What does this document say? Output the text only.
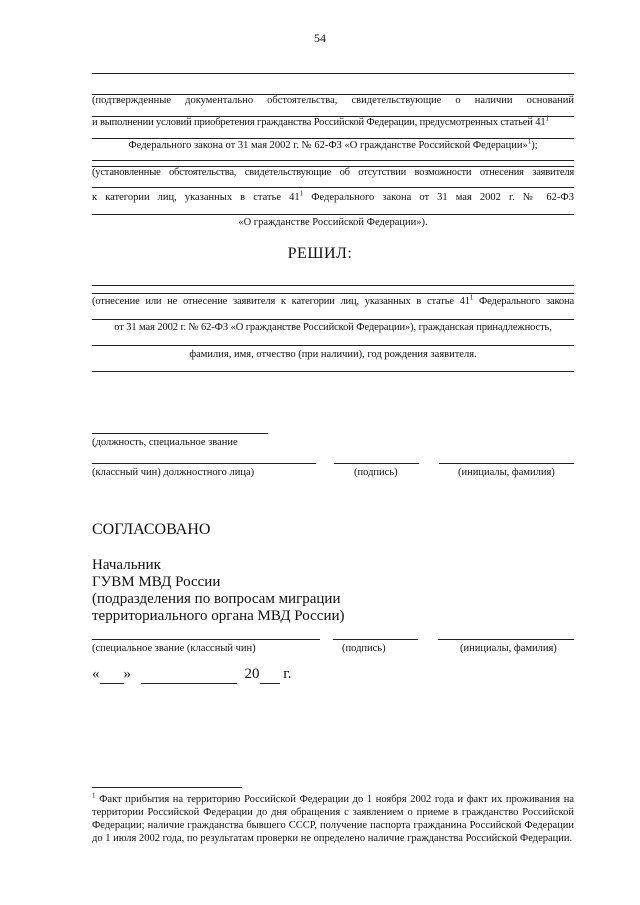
54
(подтвержденные документально обстоятельства, свидетельствующие о наличии оснований
и выполнении условий приобретения гражданства Российской Федерации, предусмотренных статьей $41^1$
Федерального закона от 31 мая 2002 г. № 62-ФЗ «О гражданстве Российской Федерации»$^1$);
(установленные обстоятельства, свидетельствующие об отсутствии возможности отнесения заявителя
к категории лиц, указанных в статье $41^1$ Федерального закона от 31 мая 2002 г. № 62-ФЗ
«О гражданстве Российской Федерации»).
РЕШИЛ:
(отнесение или не отнесение заявителя к категории лиц, указанных в статье $41^1$ Федерального закона
от 31 мая 2002 г. № 62-ФЗ «О гражданстве Российской Федерации»), гражданская принадлежность,
фамилия, имя, отчество (при наличии), год рождения заявителя.
(должность, специальное звание
(классный чин) должностного лица)	(подпись)	(инициалы, фамилия)
СОГЛАСОВАНО
Начальник
ГУВМ МВД России
(подразделения по вопросам миграции
территориального органа МВД России)
(специальное звание (классный чин)	(подпись)	(инициалы, фамилия)
« »	20 г.
$^1$ Факт прибытия на территорию Российской Федерации до 1 ноября 2002 года и факт их проживания на территории Российской Федерации до дня обращения с заявлением о приеме в гражданство Российской Федерации; наличие гражданства бывшего СССР, получение паспорта гражданина Российской Федерации до 1 июля 2002 года, по результатам проверки не определено наличие гражданства Российской Федерации.
